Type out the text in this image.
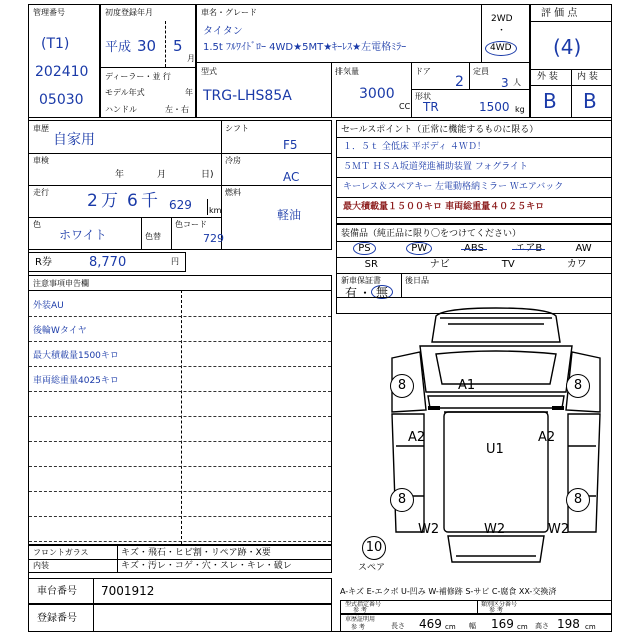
管理番号
(T1)
202410
05030
初度登録年月
平成 30 5
月
ディーラー・並 行
モデル年式	年
ハンドル	左・右
車名・グレード
タイタン
1.5t ﾌﾙﾜｲﾄﾞﾛｰ 4WD★5MT★ｷｰﾚｽ★左電格ﾐﾗｰ
2WD
・
4WD
型式
TRG-LHS85A
排気量
3000
CC
ドア
2
定員
3 人
形状
TR	1500 kg
評 価 点
(4)
外 装 内 装
B B
車歴
自家用
シフト
F5
車検
年	月	日)
冷房
AC
走行 2 万 6 千 629 km
燃料
軽油
色
ホワイト	色替
色コード
729
R券	8,770	円
注意事項申告欄
外装AU
後輪Wタイヤ
最大積載量1500キロ
車両総重量4025キロ
セールスポイント（正常に機能するものに限る）
１．５ｔ 全低床 平ボディ ４ＷＤ！
５ＭＴ ＨＳＡ坂道発進補助装置 フォグライト
キーレス＆スペアキー 左電動格納ミラー Ｗエアバック
最大積載量１５００キロ 車両総重量４０２５キロ
装備品（純正品に限り〇をつけてください）
PS	PW	ABS	エアB	AW
SR	ナビ	TV	カワ
新車保証書
有 ・ 無
後日品
8	8
8	8
A1
A2	A2
U1
W2	W2	W2
10
スペア
フロントガラス	キズ・飛石・ヒビ割・リペア跡・X要
内装	キズ・汚レ・コゲ・穴・スレ・キレ・破レ
車台番号 7001912
登録番号
A-キズ E-エクボ U-凹み W-補修跡 S-サビ C-腐食 XX-交換済
型式指定番号
参 考
類別区分番号
参 考
車歴証明用
参 考	長さ 469 cm 幅 169 cm 高さ 198 cm
